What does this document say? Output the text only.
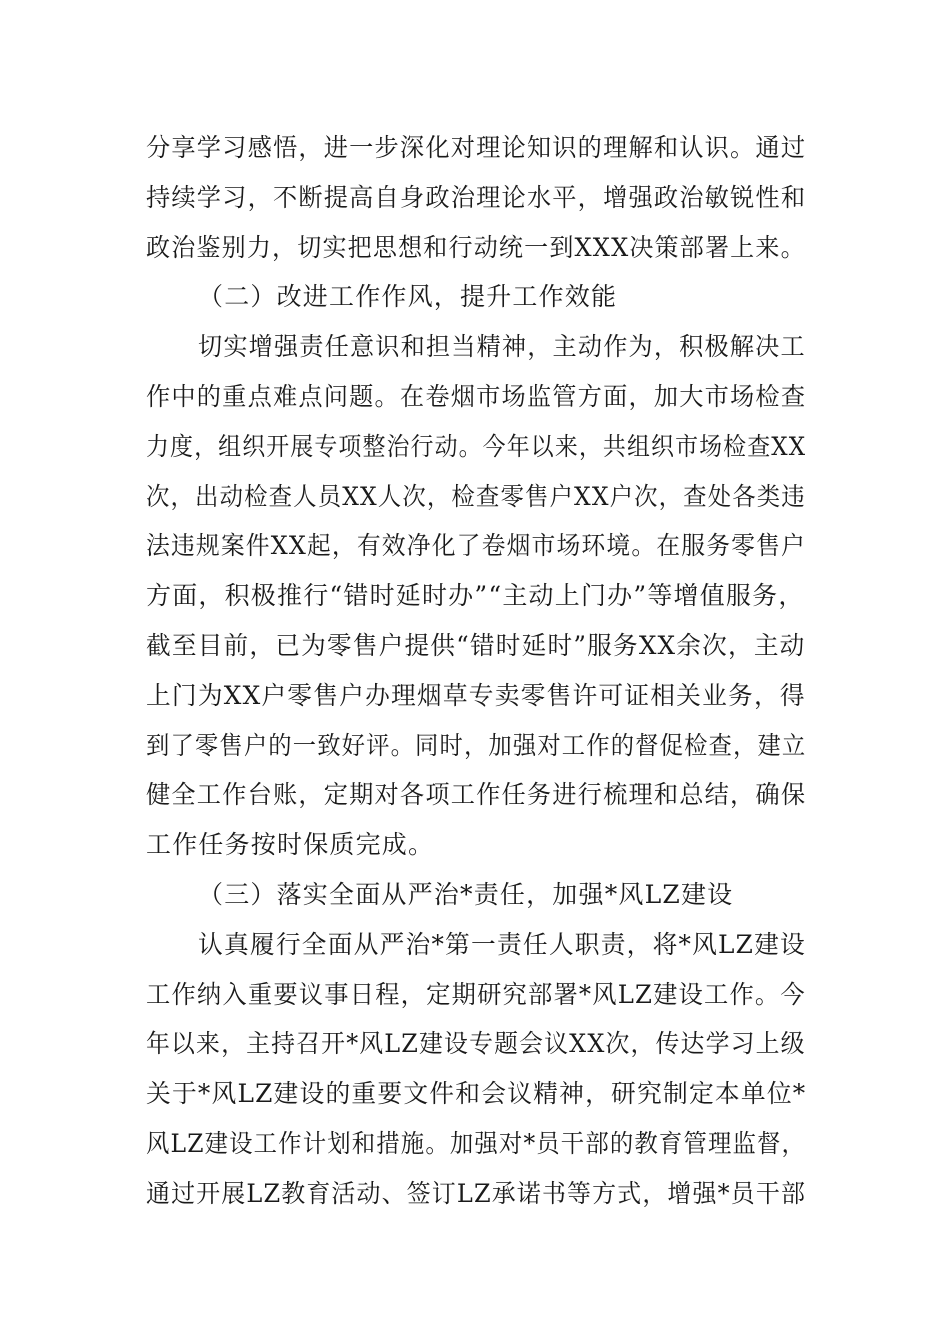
分享学习感悟，进一步深化对理论知识的理解和认识。通过
持续学习，不断提高自身政治理论水平，增强政治敏锐性和
政治鉴别力，切实把思想和行动统一到XXX决策部署上来。
（二）改进工作作风，提升工作效能
切实增强责任意识和担当精神，主动作为，积极解决工
作中的重点难点问题。在卷烟市场监管方面，加大市场检查
力度，组织开展专项整治行动。今年以来，共组织市场检查XX
次，出动检查人员XX人次，检查零售户XX户次，查处各类违
法违规案件XX起，有效净化了卷烟市场环境。在服务零售户
方面，积极推行“错时延时办”“主动上门办”等增值服务，
截至目前，已为零售户提供“错时延时”服务XX余次，主动
上门为XX户零售户办理烟草专卖零售许可证相关业务，得
到了零售户的一致好评。同时，加强对工作的督促检查，建立
健全工作台账，定期对各项工作任务进行梳理和总结，确保
工作任务按时保质完成。
（三）落实全面从严治*责任，加强*风LZ建设
认真履行全面从严治*第一责任人职责，将*风LZ建设
工作纳入重要议事日程，定期研究部署*风LZ建设工作。今
年以来，主持召开*风LZ建设专题会议XX次，传达学习上级
关于*风LZ建设的重要文件和会议精神，研究制定本单位*
风LZ建设工作计划和措施。加强对*员干部的教育管理监督，
通过开展LZ教育活动、签订LZ承诺书等方式，增强*员干部
